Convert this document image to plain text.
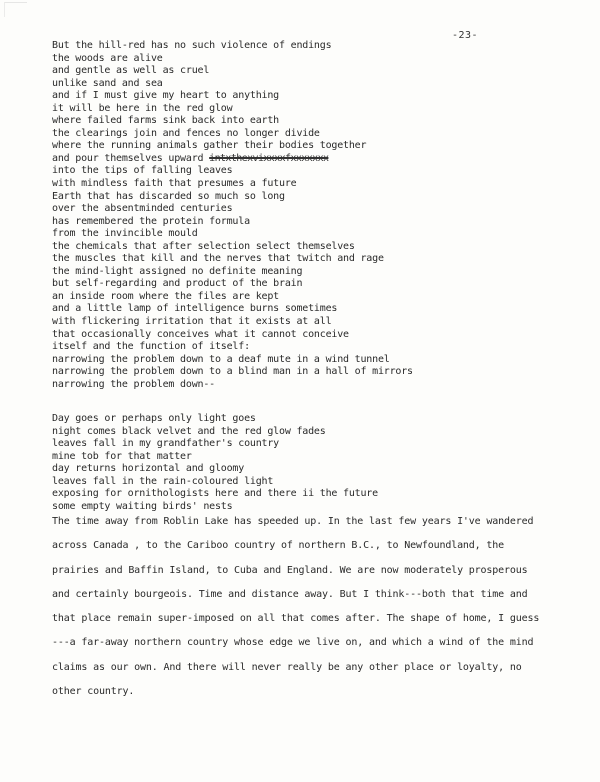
-23-
But the hill-red has no such violence of endings
the woods are alive
and gentle as well as cruel
unlike sand and sea
and if I must give my heart to anything
it will be here in the red glow
where failed farms sink back into earth
the clearings join and fences no longer divide
where the running animals gather their bodies together
and pour themselves upward intxthexvixxxxfxxxxxxx
into the tips of falling leaves
with mindless faith that presumes a future
Earth that has discarded so much so long
over the absentminded centuries
has remembered the protein formula
from the invincible mould
the chemicals that after selection select themselves
the muscles that kill and the nerves that twitch and rage
the mind-light assigned no definite meaning
but self-regarding and product of the brain
an inside room where the files are kept
and a little lamp of intelligence burns sometimes
with flickering irritation that it exists at all
that occasionally conceives what it cannot conceive
itself and the function of itself:
narrowing the problem down to a deaf mute in a wind tunnel
narrowing the problem down to a blind man in a hall of mirrors
narrowing the problem down--
Day goes or perhaps only light goes
night comes black velvet and the red glow fades
leaves fall in my grandfather's country
mine tob for that matter
day returns horizontal and gloomy
leaves fall in the rain-coloured light
exposing for ornithologists here and there ii the future
some empty waiting birds' nests
The time away from Roblin Lake has speeded up. In the last few years I've wandered
across Canada , to the Cariboo country of northern B.C., to Newfoundland, the
prairies and Baffin Island, to Cuba and England. We are now moderately prosperous
and certainly bourgeois. Time and distance away. But I think---both that time and
that place remain super-imposed on all that comes after. The shape of home, I guess
---a far-away northern country whose edge we live on, and which a wind of the mind
claims as our own. And there will never really be any other place or loyalty, no
other country.
